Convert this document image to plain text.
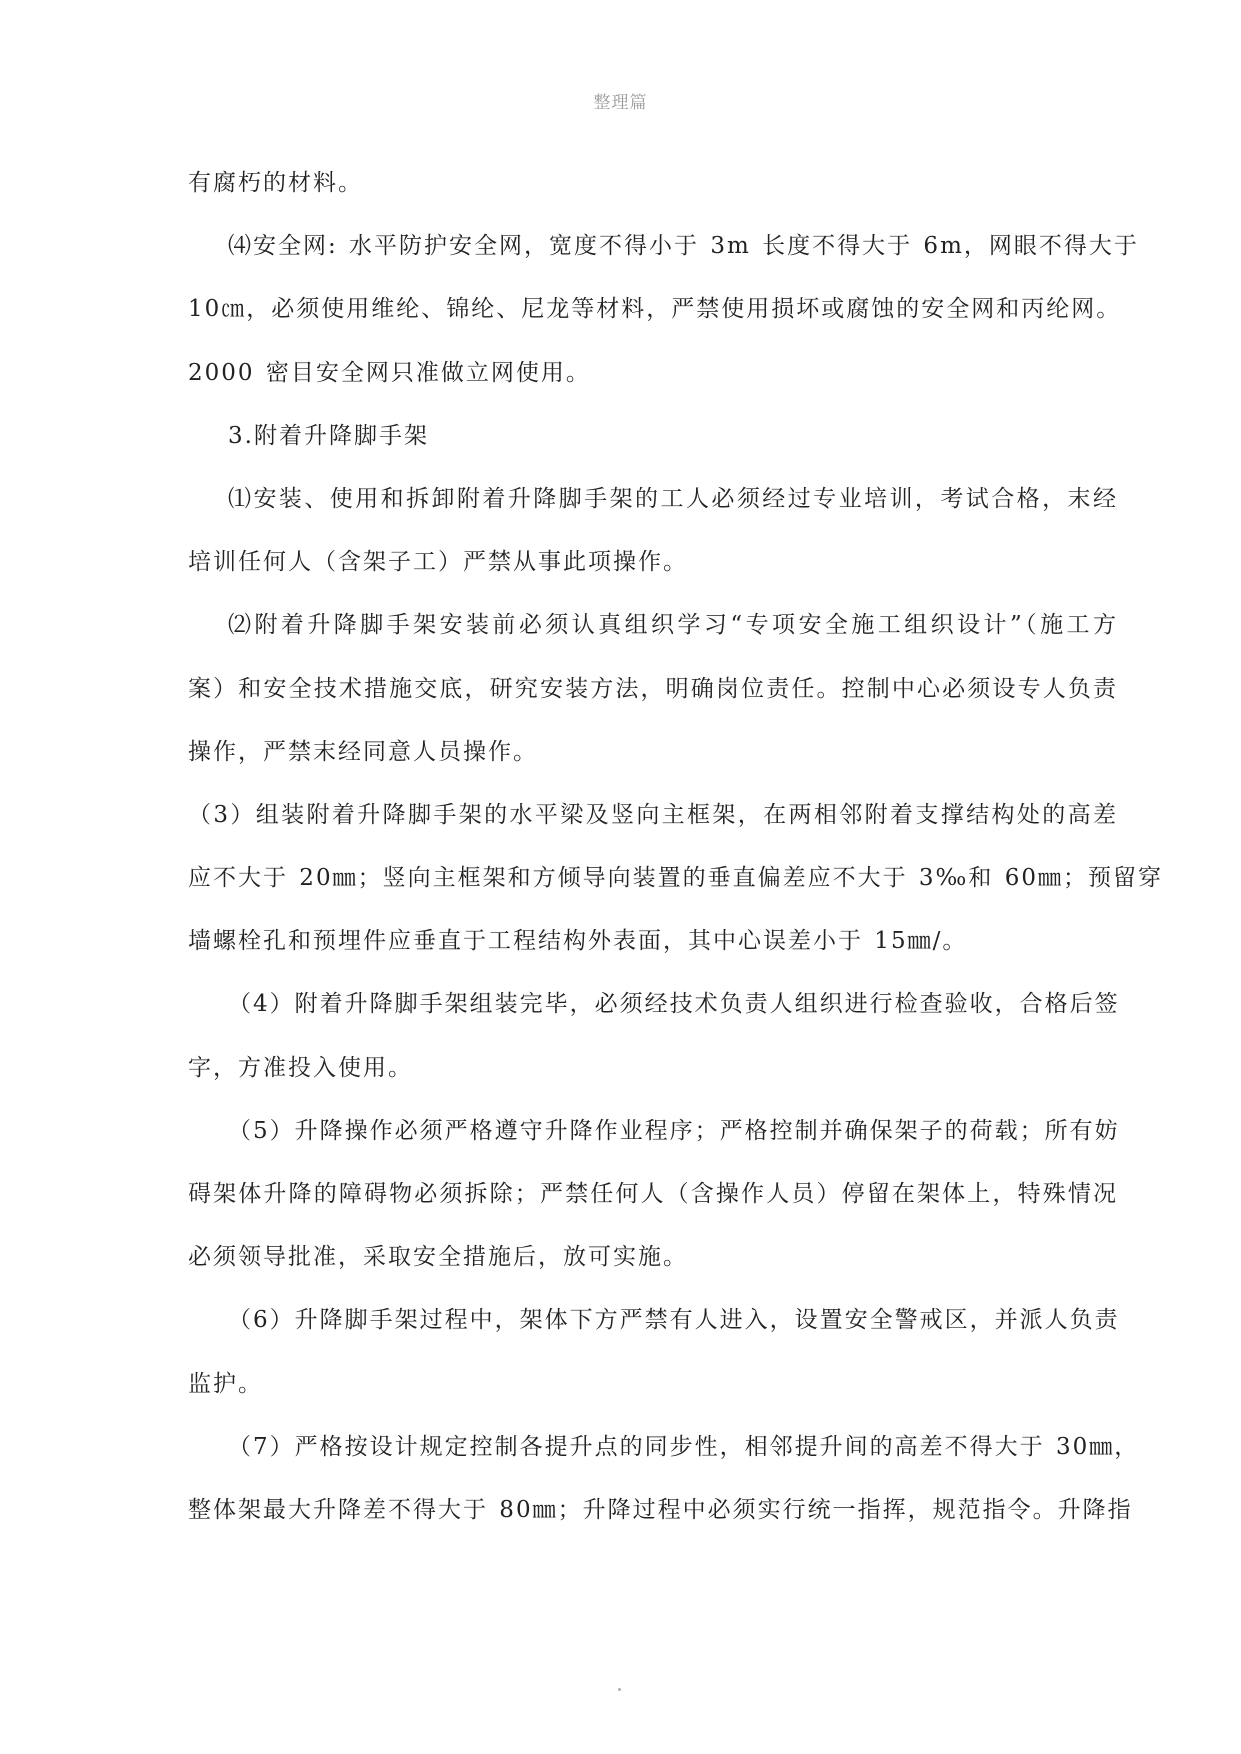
整理篇
有腐朽的材料。
⑷安全网: 水平防护安全网，宽度不得小于 3m 长度不得大于 6m，网眼不得大于
10㎝，必须使用维纶、锦纶、尼龙等材料，严禁使用损坏或腐蚀的安全网和丙纶网。
2000 密目安全网只准做立网使用。
3.附着升降脚手架
⑴安装、使用和拆卸附着升降脚手架的工人必须经过专业培训，考试合格，末经
培训任何人（含架子工）严禁从事此项操作。
⑵附着升降脚手架安装前必须认真组织学习“专项安全施工组织设计”（施工方
案）和安全技术措施交底，研究安装方法，明确岗位责任。控制中心必须设专人负责
操作，严禁末经同意人员操作。
（3）组装附着升降脚手架的水平梁及竖向主框架，在两相邻附着支撑结构处的高差
应不大于 20㎜；竖向主框架和方倾导向装置的垂直偏差应不大于 3‰和 60㎜；预留穿
墙螺栓孔和预埋件应垂直于工程结构外表面，其中心误差小于 15㎜/。
（4）附着升降脚手架组装完毕，必须经技术负责人组织进行检查验收，合格后签
字，方准投入使用。
（5）升降操作必须严格遵守升降作业程序；严格控制并确保架子的荷载；所有妨
碍架体升降的障碍物必须拆除；严禁任何人（含操作人员）停留在架体上，特殊情况
必须领导批准，采取安全措施后，放可实施。
（6）升降脚手架过程中，架体下方严禁有人进入，设置安全警戒区，并派人负责
监护。
（7）严格按设计规定控制各提升点的同步性，相邻提升间的高差不得大于 30㎜，
整体架最大升降差不得大于 80㎜；升降过程中必须实行统一指挥，规范指令。升降指
